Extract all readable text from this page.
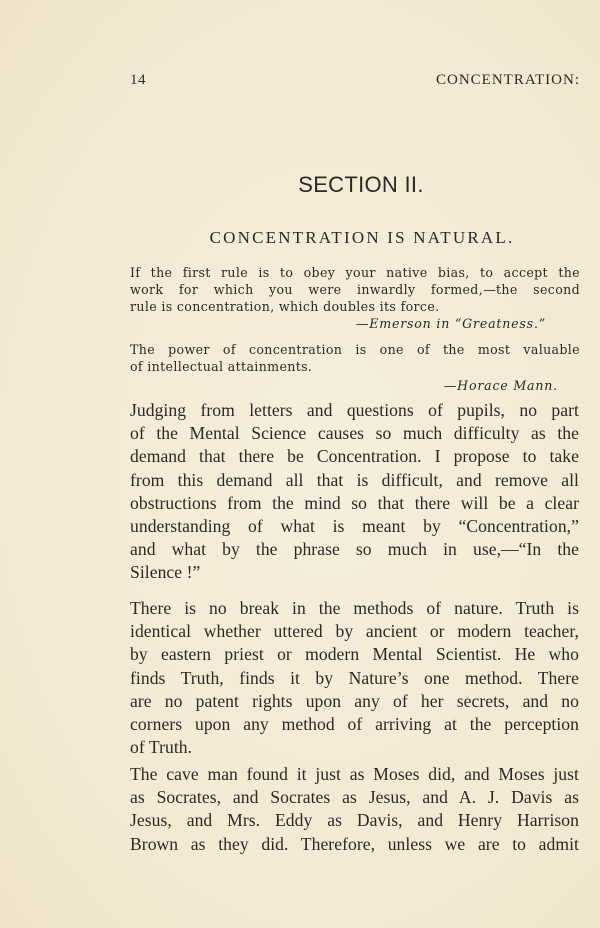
14	CONCENTRATION:
SECTION II.
CONCENTRATION IS NATURAL.
If the first rule is to obey your native bias, to accept the
work for which you were inwardly formed,—the second
rule is concentration, which doubles its force.
—Emerson in “Greatness.”
The power of concentration is one of the most valuable
of intellectual attainments.
—Horace Mann.
Judging from letters and questions of pupils, no part
of the Mental Science causes so much difficulty as the
demand that there be Concentration. I propose to take
from this demand all that is difficult, and remove all
obstructions from the mind so that there will be a clear
understanding of what is meant by “Concentration,”
and what by the phrase so much in use,—“In the
Silence !”
There is no break in the methods of nature. Truth is
identical whether uttered by ancient or modern teacher,
by eastern priest or modern Mental Scientist. He who
finds Truth, finds it by Nature’s one method. There
are no patent rights upon any of her secrets, and no
corners upon any method of arriving at the perception
of Truth.
The cave man found it just as Moses did, and Moses just
as Socrates, and Socrates as Jesus, and A. J. Davis as
Jesus, and Mrs. Eddy as Davis, and Henry Harrison
Brown as they did. Therefore, unless we are to admit
